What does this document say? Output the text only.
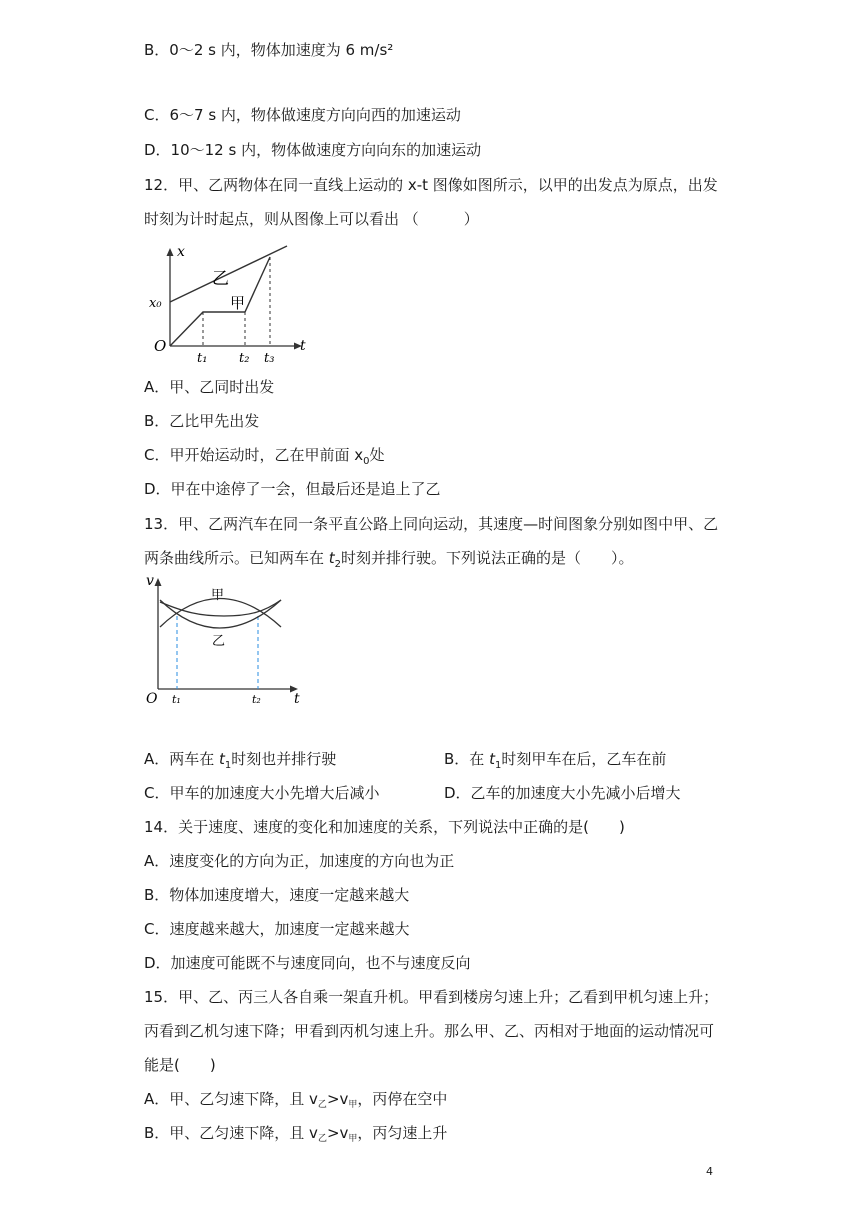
B．0～2 s 内，物体加速度为 6 m/s²
C．6～7 s 内，物体做速度方向向西的加速运动
D．10～12 s 内，物体做速度方向向东的加速运动
12．甲、乙两物体在同一直线上运动的 x-t 图像如图所示，以甲的出发点为原点，出发
时刻为计时起点，则从图像上可以看出 （　　　）
x
x₀
O	t
t₁ t₂ t₃
乙
甲
A．甲、乙同时出发
B．乙比甲先出发
C．甲开始运动时，乙在甲前面 $x_0$处
D．甲在中途停了一会，但最后还是追上了乙
13．甲、乙两汽车在同一条平直公路上同向运动，其速度—时间图象分别如图中甲、乙
两条曲线所示。已知两车在 $t_2$时刻并排行驶。下列说法正确的是（　　）。
v
O	t
t₁	t₂
甲
乙
A．两车在 $t_1$时刻也并排行驶	B．在 $t_1$时刻甲车在后，乙车在前
C．甲车的加速度大小先增大后减小	D．乙车的加速度大小先减小后增大
14．关于速度、速度的变化和加速度的关系，下列说法中正确的是(　　)
A．速度变化的方向为正，加速度的方向也为正
B．物体加速度增大，速度一定越来越大
C．速度越来越大，加速度一定越来越大
D．加速度可能既不与速度同向，也不与速度反向
15．甲、乙、丙三人各自乘一架直升机。甲看到楼房匀速上升；乙看到甲机匀速上升；
丙看到乙机匀速下降；甲看到丙机匀速上升。那么甲、乙、丙相对于地面的运动情况可
能是(　　)
A．甲、乙匀速下降，且 $v_乙>v_甲$，丙停在空中
B．甲、乙匀速下降，且 $v_乙>v_甲$，丙匀速上升
4
